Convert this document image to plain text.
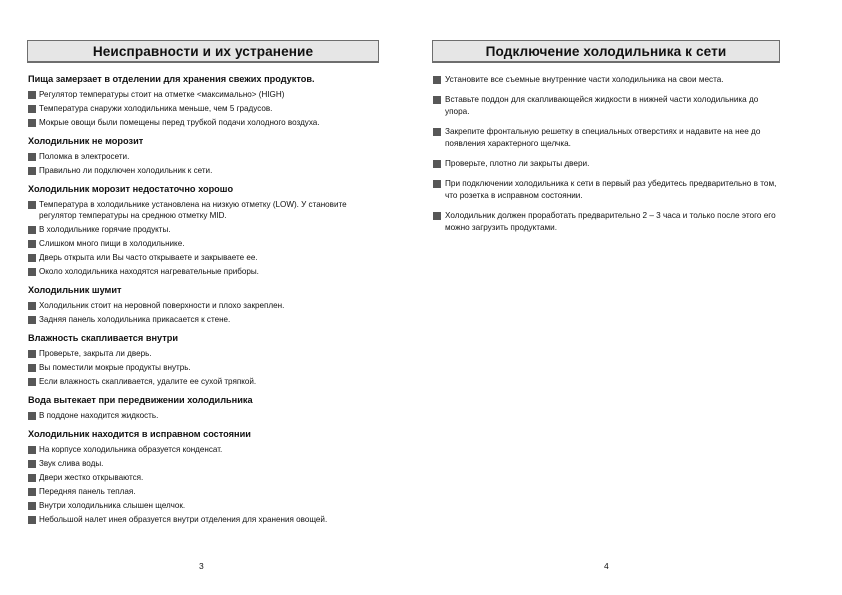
Неисправности и их устранение
Пища замерзает в отделении для хранения свежих продуктов.
Регулятор температуры стоит на отметке <максимально> (HIGH)
Температура снаружи холодильника меньше, чем 5 градусов.
Мокрые овощи были помещены перед трубкой подачи холодного воздуха.
Холодильник не морозит
Поломка в электросети.
Правильно ли подключен холодильник к сети.
Холодильник морозит недостаточно хорошо
Температура в холодильнике установлена на низкую отметку (LOW). У становите регулятор температуры на среднюю отметку MID.
В холодильнике горячие продукты.
Слишком много пищи в холодильнике.
Дверь открыта или Вы часто открываете и закрываете ее.
Около холодильника находятся нагревательные приборы.
Холодильник шумит
Холодильник стоит на неровной поверхности и плохо закреплен.
Задняя панель холодильника прикасается к стене.
Влажность скапливается внутри
Проверьте, закрыта ли дверь.
Вы поместили мокрые продукты внутрь.
Если влажность скапливается, удалите ее сухой тряпкой.
Вода вытекает при передвижении холодильника
В поддоне находится жидкость.
Холодильник находится в исправном состоянии
На корпусе холодильника образуется конденсат.
Звук слива воды.
Двери жестко открываются.
Передняя панель теплая.
Внутри холодильника слышен щелчок.
Небольшой налет инея образуется внутри отделения для хранения овощей.
Подключение холодильника к сети
Установите все съемные внутренние части холодильника на свои места.
Вставьте поддон для скапливающейся жидкости в нижней части холодильника до упора.
Закрепите фронтальную решетку в специальных отверстиях и надавите на нее до появления характерного щелчка.
Проверьте, плотно ли закрыты двери.
При подключении холодильника к сети в первый раз убедитесь предварительно в том, что розетка в исправном состоянии.
Холодильник должен проработать предварительно 2 – 3 часа и только после этого его можно загрузить продуктами.
3	4
